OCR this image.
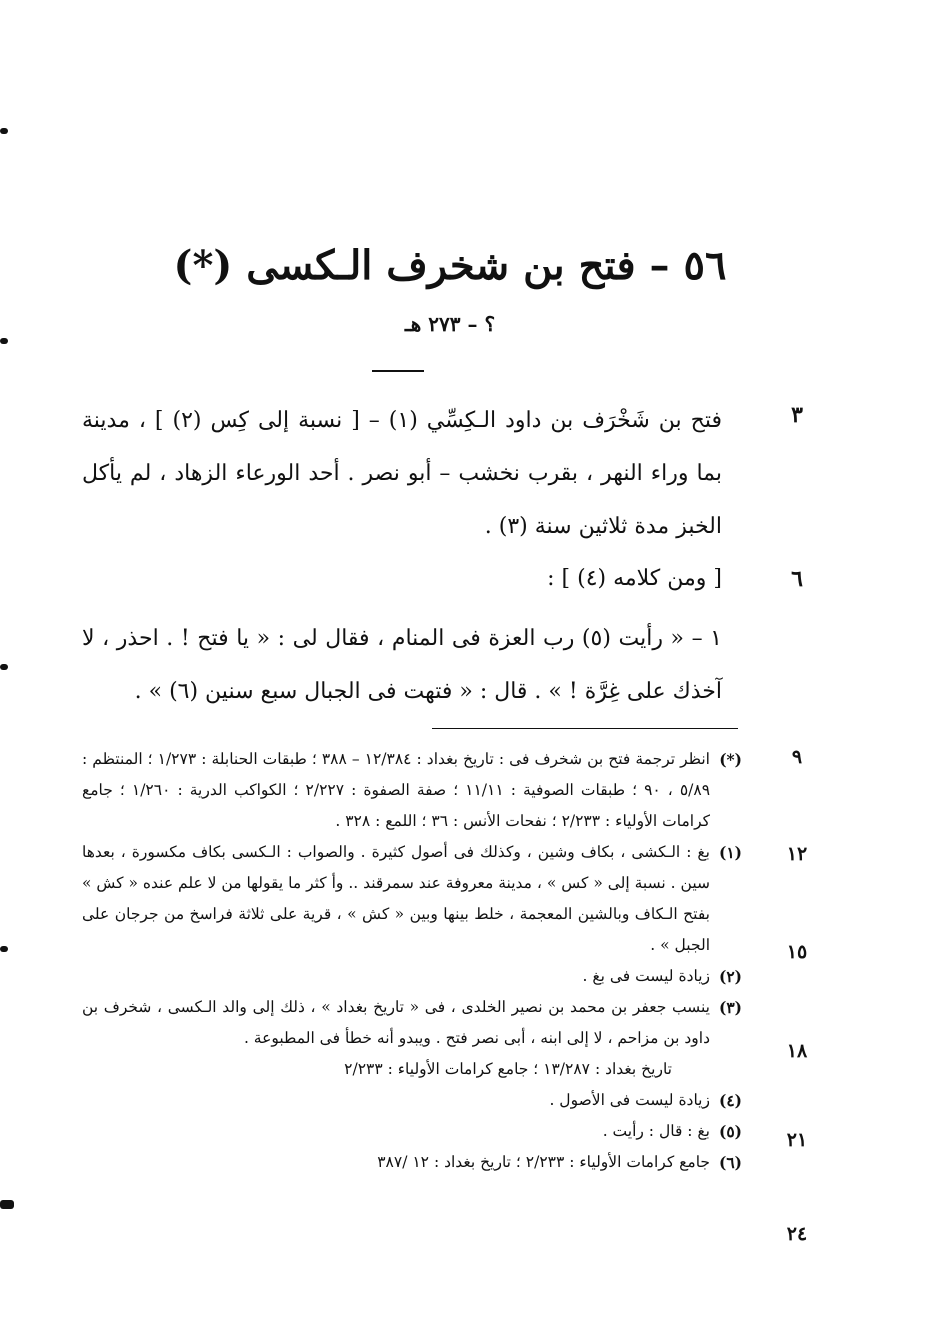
٥٦ – فتح بن شخرف الـكسى (*)
؟ – ٢٧٣ هـ
٣
٦
٩
١٢
١٥
١٨
٢١
٢٤
فتح بن شَخْرَف بن داود الـكِسِّي (١) – [ نسبة إلى كِس (٢) ] ، مدينة بما وراء النهر ، بقرب نخشب – أبو نصر . أحد الورعاء الزهاد ، لم يأكل الخبز مدة ثلاثين سنة (٣) .
[ ومن كلامه (٤) ] :
١ – « رأيت (٥) رب العزة فى المنام ، فقال لى : « يا فتح ! . احذر ، لا آخذك على غِرَّة ! » . قال : « فتهت فى الجبال سبع سنين (٦) » .
(*)
انظر ترجمة فتح بن شخرف فى : تاريخ بغداد : ١٢/٣٨٤ – ٣٨٨ ؛ طبقات الحنابلة : ١/٢٧٣ ؛ المنتظم : ٥/٨٩ ، ٩٠ ؛ طبقات الصوفية : ١١/١١ ؛ صفة الصفوة : ٢/٢٢٧ ؛ الكواكب الدرية : ١/٢٦٠ ؛ جامع كرامات الأولياء : ٢/٢٣٣ ؛ نفحات الأنس : ٣٦ ؛ اللمع : ٣٢٨ .
(١)
بغ : الـكشى ، بكاف وشين ، وكذلك فى أصول كثيرة . والصواب : الـكسى بكاف مكسورة ، بعدها سين . نسبة إلى « كس » ، مدينة معروفة عند سمرقند .. وأ كثر ما يقولها من لا علم عنده « كش » بفتح الـكاف وبالشين المعجمة ، خلط بينها وبين « كش » ، قرية على ثلاثة فراسخ من جرجان على الجبل » .
(٢)
زيادة ليست فى بغ .
(٣)
ينسب جعفر بن محمد بن نصير الخلدى ، فى « تاريخ بغداد » ، ذلك إلى والد الـكسى ، شخرف بن داود بن مزاحم ، لا إلى ابنه ، أبى نصر فتح . ويبدو أنه خطأ فى المطبوعة .
تاريخ بغداد : ١٣/٢٨٧ ؛ جامع كرامات الأولياء : ٢/٢٣٣
(٤)
زيادة ليست فى الأصول .
(٥)
بغ : قال : رأيت .
(٦)
جامع كرامات الأولياء : ٢/٢٣٣ ؛ تاريخ بغداد : ١٢ /٣٨٧
